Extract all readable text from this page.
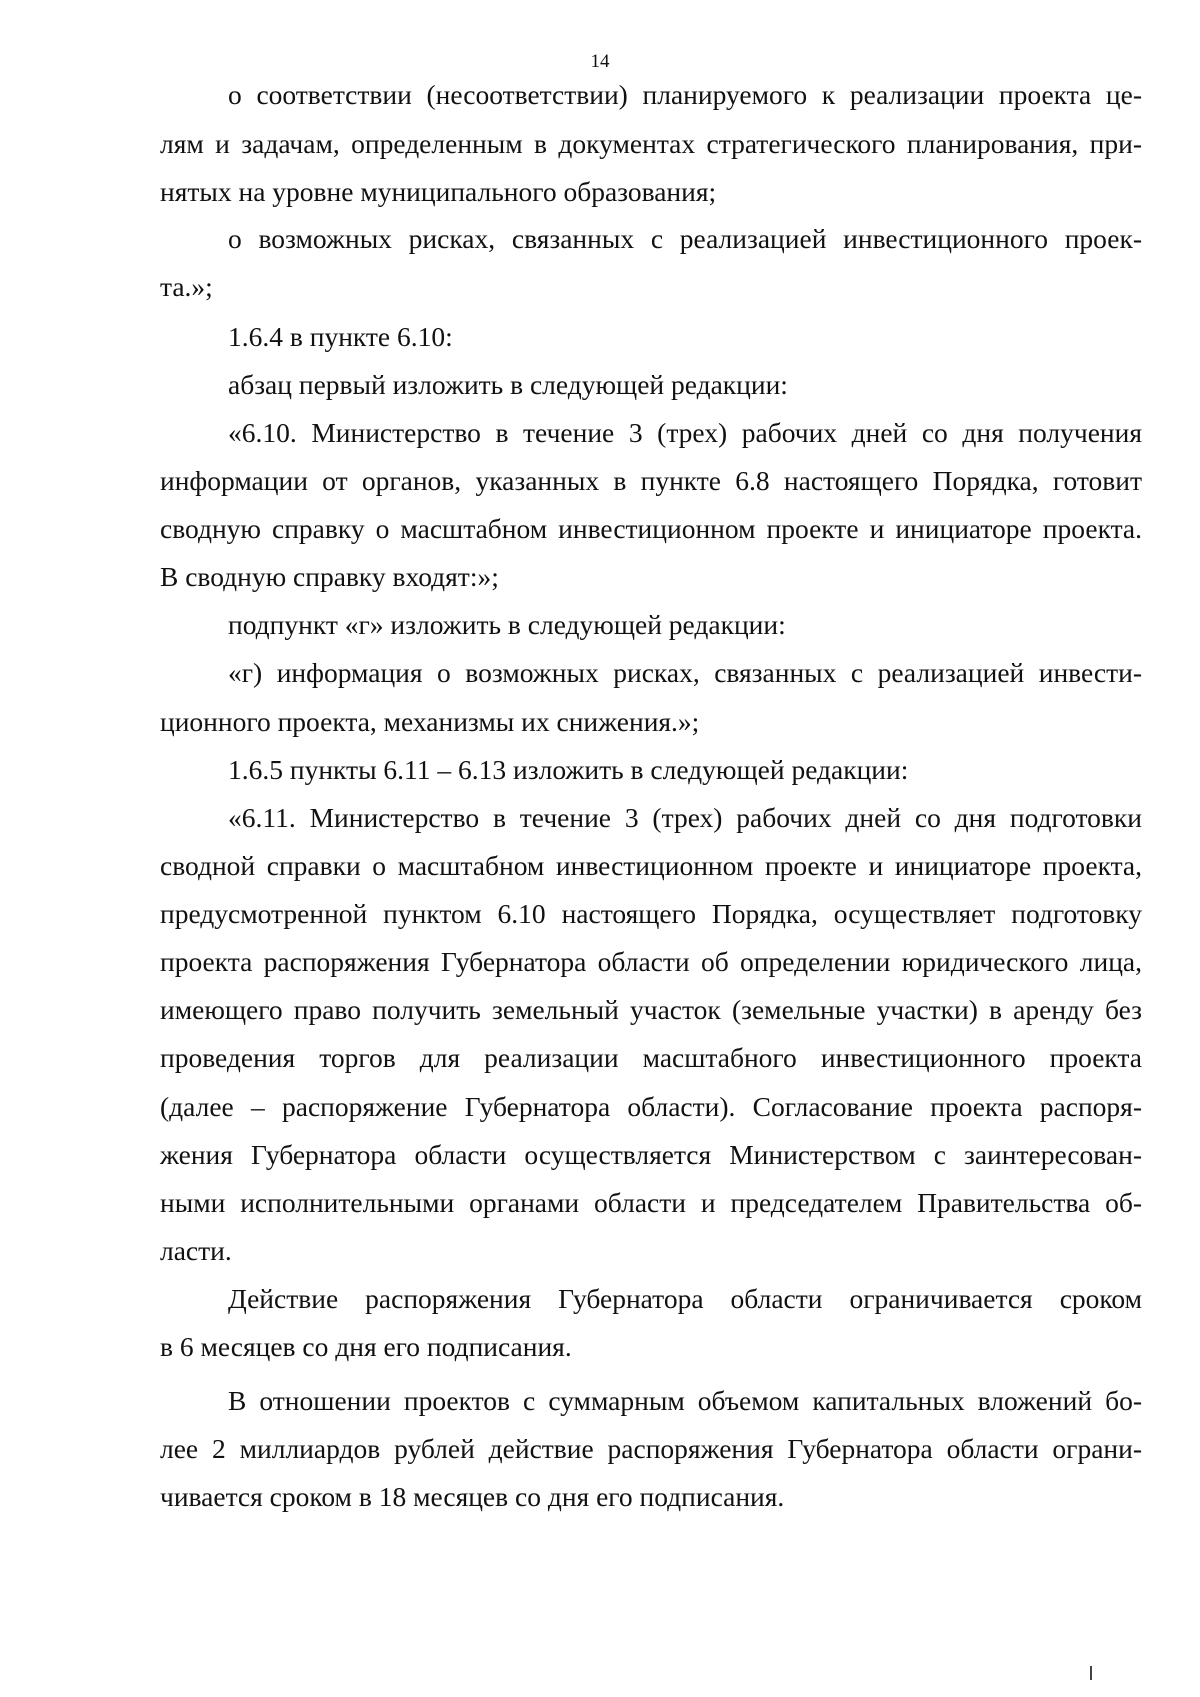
14
о соответствии (несоответствии) планируемого к реализации проекта це-
лям и задачам, определенным в документах стратегического планирования, при-
нятых на уровне муниципального образования;
о возможных рисках, связанных с реализацией инвестиционного проек-
та.»;
1.6.4 в пункте 6.10:
абзац первый изложить в следующей редакции:
«6.10. Министерство в течение 3 (трех) рабочих дней со дня получения
информации от органов, указанных в пункте 6.8 настоящего Порядка, готовит
сводную справку о масштабном инвестиционном проекте и инициаторе проекта.
В сводную справку входят:»;
подпункт «г» изложить в следующей редакции:
«г) информация о возможных рисках, связанных с реализацией инвести-
ционного проекта, механизмы их снижения.»;
1.6.5 пункты 6.11 – 6.13 изложить в следующей редакции:
«6.11. Министерство в течение 3 (трех) рабочих дней со дня подготовки
сводной справки о масштабном инвестиционном проекте и инициаторе проекта,
предусмотренной пунктом 6.10 настоящего Порядка, осуществляет подготовку
проекта распоряжения Губернатора области об определении юридического лица,
имеющего право получить земельный участок (земельные участки) в аренду без
проведения торгов для реализации масштабного инвестиционного проекта
(далее – распоряжение Губернатора области). Согласование проекта распоря-
жения Губернатора области осуществляется Министерством с заинтересован-
ными исполнительными органами области и председателем Правительства об-
ласти.
Действие распоряжения Губернатора области ограничивается сроком
в 6 месяцев со дня его подписания.
В отношении проектов с суммарным объемом капитальных вложений бо-
лее 2 миллиардов рублей действие распоряжения Губернатора области ограни-
чивается сроком в 18 месяцев со дня его подписания.
